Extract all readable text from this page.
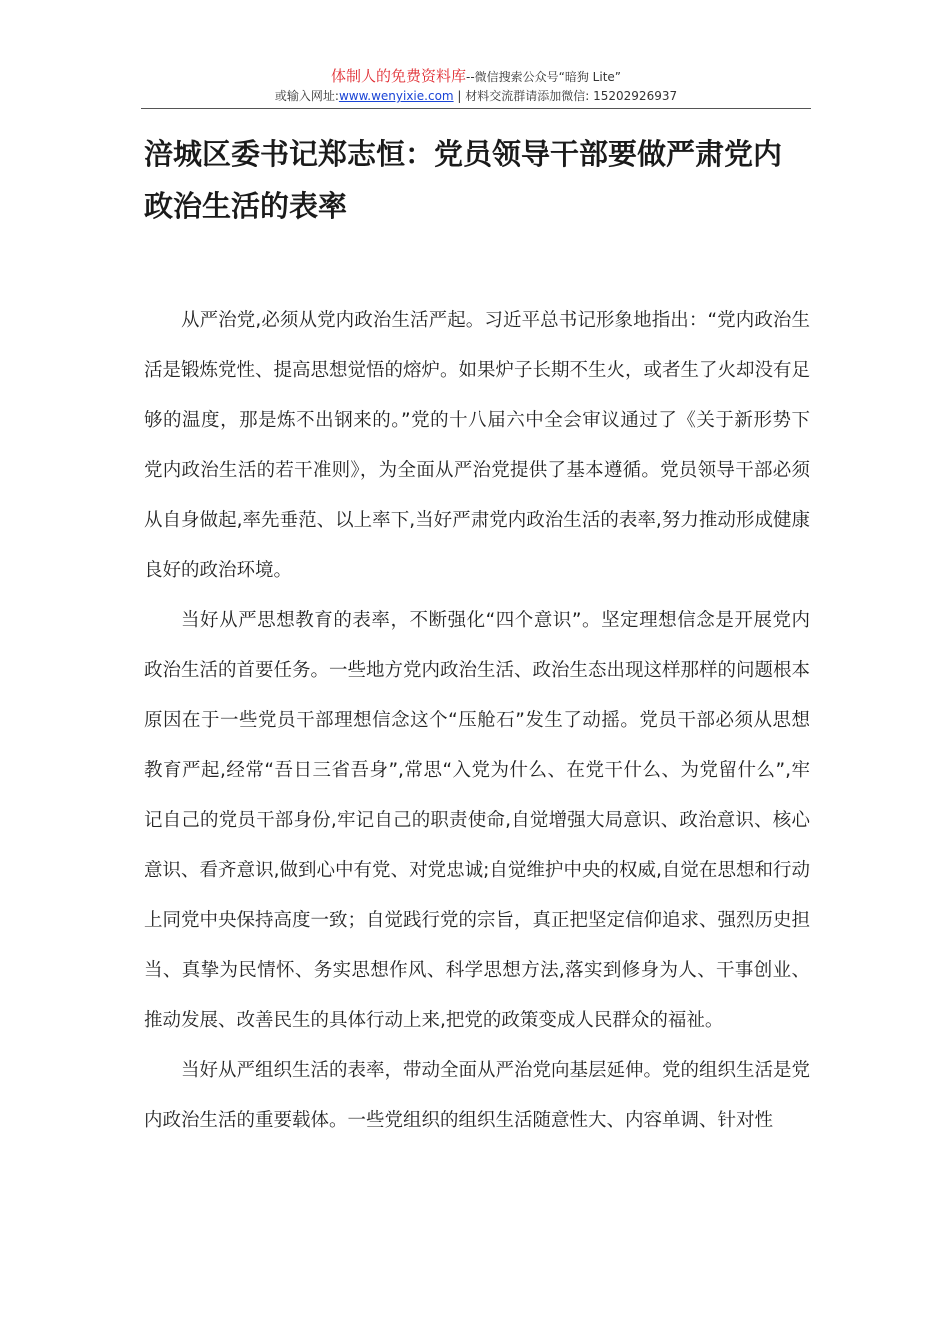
体制人的免费资料库--微信搜索公众号“暗狗 Lite”
或输入网址:www.wenyixie.com | 材料交流群请添加微信: 15202926937
涪城区委书记郑志恒：党员领导干部要做严肃党内政治生活的表率

从严治党,必须从党内政治生活严起。习近平总书记形象地指出：“党内政治生活是锻炼党性、提高思想觉悟的熔炉。如果炉子长期不生火，或者生了火却没有足够的温度，那是炼不出钢来的。”党的十八届六中全会审议通过了《关于新形势下党内政治生活的若干准则》，为全面从严治党提供了基本遵循。党员领导干部必须从自身做起,率先垂范、以上率下,当好严肃党内政治生活的表率,努力推动形成健康良好的政治环境。

当好从严思想教育的表率，不断强化“四个意识”。坚定理想信念是开展党内政治生活的首要任务。一些地方党内政治生活、政治生态出现这样那样的问题根本原因在于一些党员干部理想信念这个“压舱石”发生了动摇。党员干部必须从思想教育严起,经常“吾日三省吾身”,常思“入党为什么、在党干什么、为党留什么”,牢记自己的党员干部身份,牢记自己的职责使命,自觉增强大局意识、政治意识、核心意识、看齐意识,做到心中有党、对党忠诚;自觉维护中央的权威,自觉在思想和行动上同党中央保持高度一致；自觉践行党的宗旨，真正把坚定信仰追求、强烈历史担当、真挚为民情怀、务实思想作风、科学思想方法,落实到修身为人、干事创业、推动发展、改善民生的具体行动上来,把党的政策变成人民群众的福祉。

当好从严组织生活的表率，带动全面从严治党向基层延伸。党的组织生活是党内政治生活的重要载体。一些党组织的组织生活随意性大、内容单调、针对性
